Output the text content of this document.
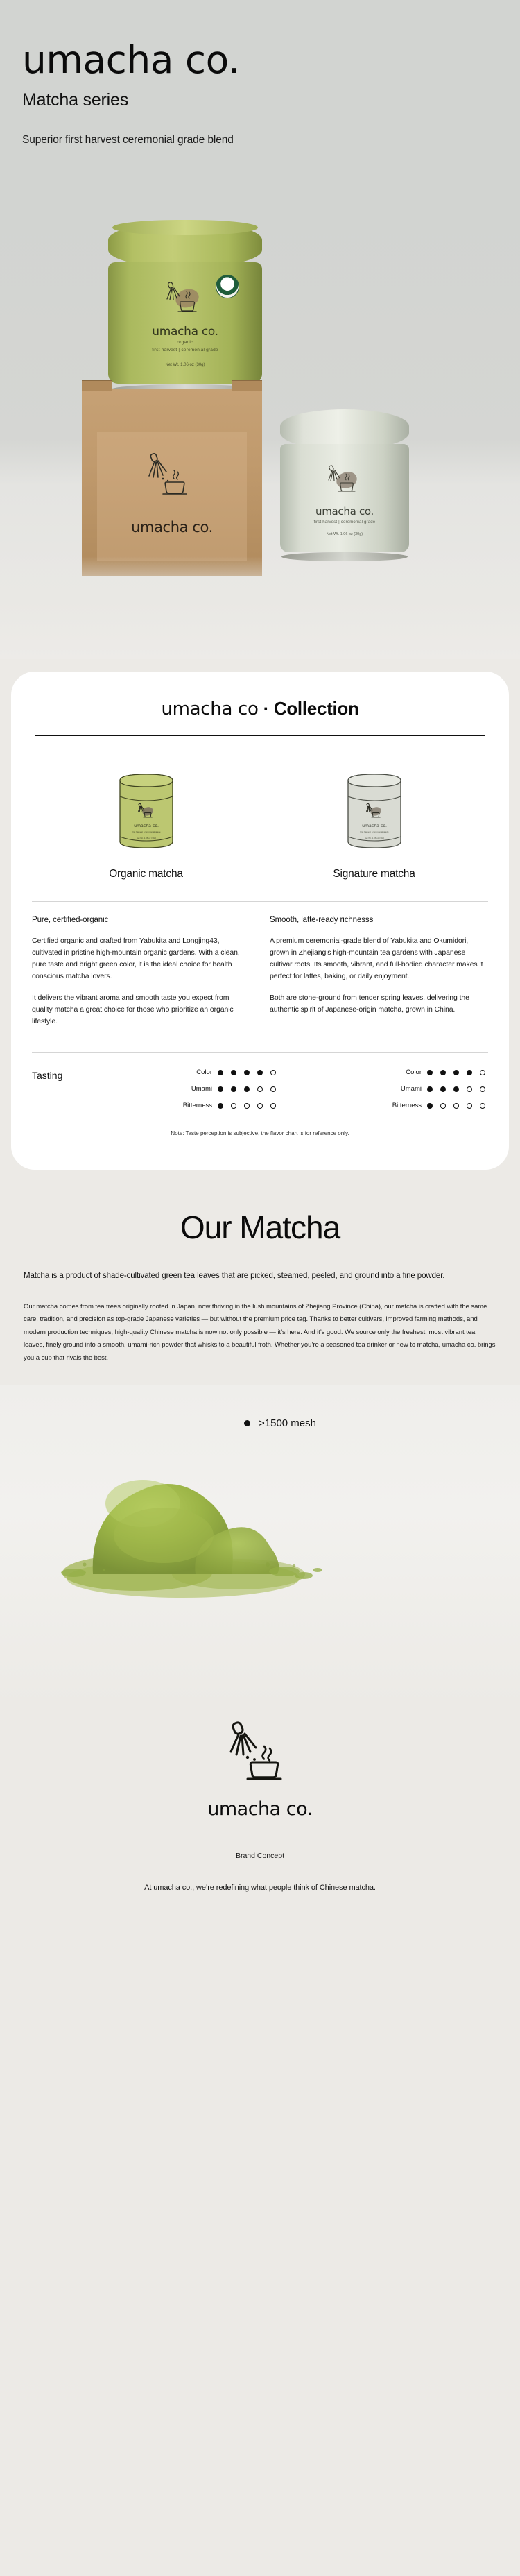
umacha co.
Matcha series
Superior first harvest ceremonial grade blend
umacha co.
organic
first harvest | ceremonial grade
Net Wt. 1.06 oz (30g)
umacha co.
umacha co.
first harvest | ceremonial grade
Net Wt. 1.06 oz (30g)
umacha co · Collection
umacha co.
first harvest | ceremonial grade
Net Wt. 1.06 oz (30g)
Organic matcha
umacha co.
first harvest | ceremonial grade
Net Wt. 1.06 oz (30g)
Signature matcha
Pure, certified-organic

Certified organic and crafted from Yabukita and Longjing43, cultivated in pristine high-mountain organic gardens. With a clean, pure taste and bright green color, it is the ideal choice for health conscious matcha lovers.

It delivers the vibrant aroma and smooth taste you expect from quality matcha a great choice for those who prioritize an organic lifestyle.

Smooth, latte-ready richnesss

A premium ceremonial-grade blend of Yabukita and Okumidori, grown in Zhejiang’s high-mountain tea gardens with Japanese cultivar roots. Its smooth, vibrant, and full-bodied character makes it perfect for lattes, baking, or daily enjoyment.

Both are stone-ground from tender spring leaves, delivering the authentic spirit of Japanese-origin matcha, grown in China.

Tasting	Color
Umami
Bitterness
Color
Umami
Bitterness
Note: Taste perception is subjective, the flavor chart is for reference only.
Our Matcha

Matcha is a product of shade-cultivated green tea leaves that are picked, steamed, peeled, and ground into a fine powder.

Our matcha comes from tea trees originally rooted in Japan, now thriving in the lush mountains of Zhejiang Province (China), our matcha is crafted with the same care, tradition, and precision as top-grade Japanese varieties — but without the premium price tag. Thanks to better cultivars, improved farming methods, and modern production techniques, high-quality Chinese matcha is now not only possible — it’s here. And it’s good. We source only the freshest, most vibrant tea leaves, finely ground into a smooth, umami-rich powder that whisks to a beautiful froth. Whether you’re a seasoned tea drinker or new to matcha, umacha co. brings you a cup that rivals the best.

>1500 mesh
umacha co.
Brand Concept
At umacha co., we’re redefining what people think of Chinese matcha.
